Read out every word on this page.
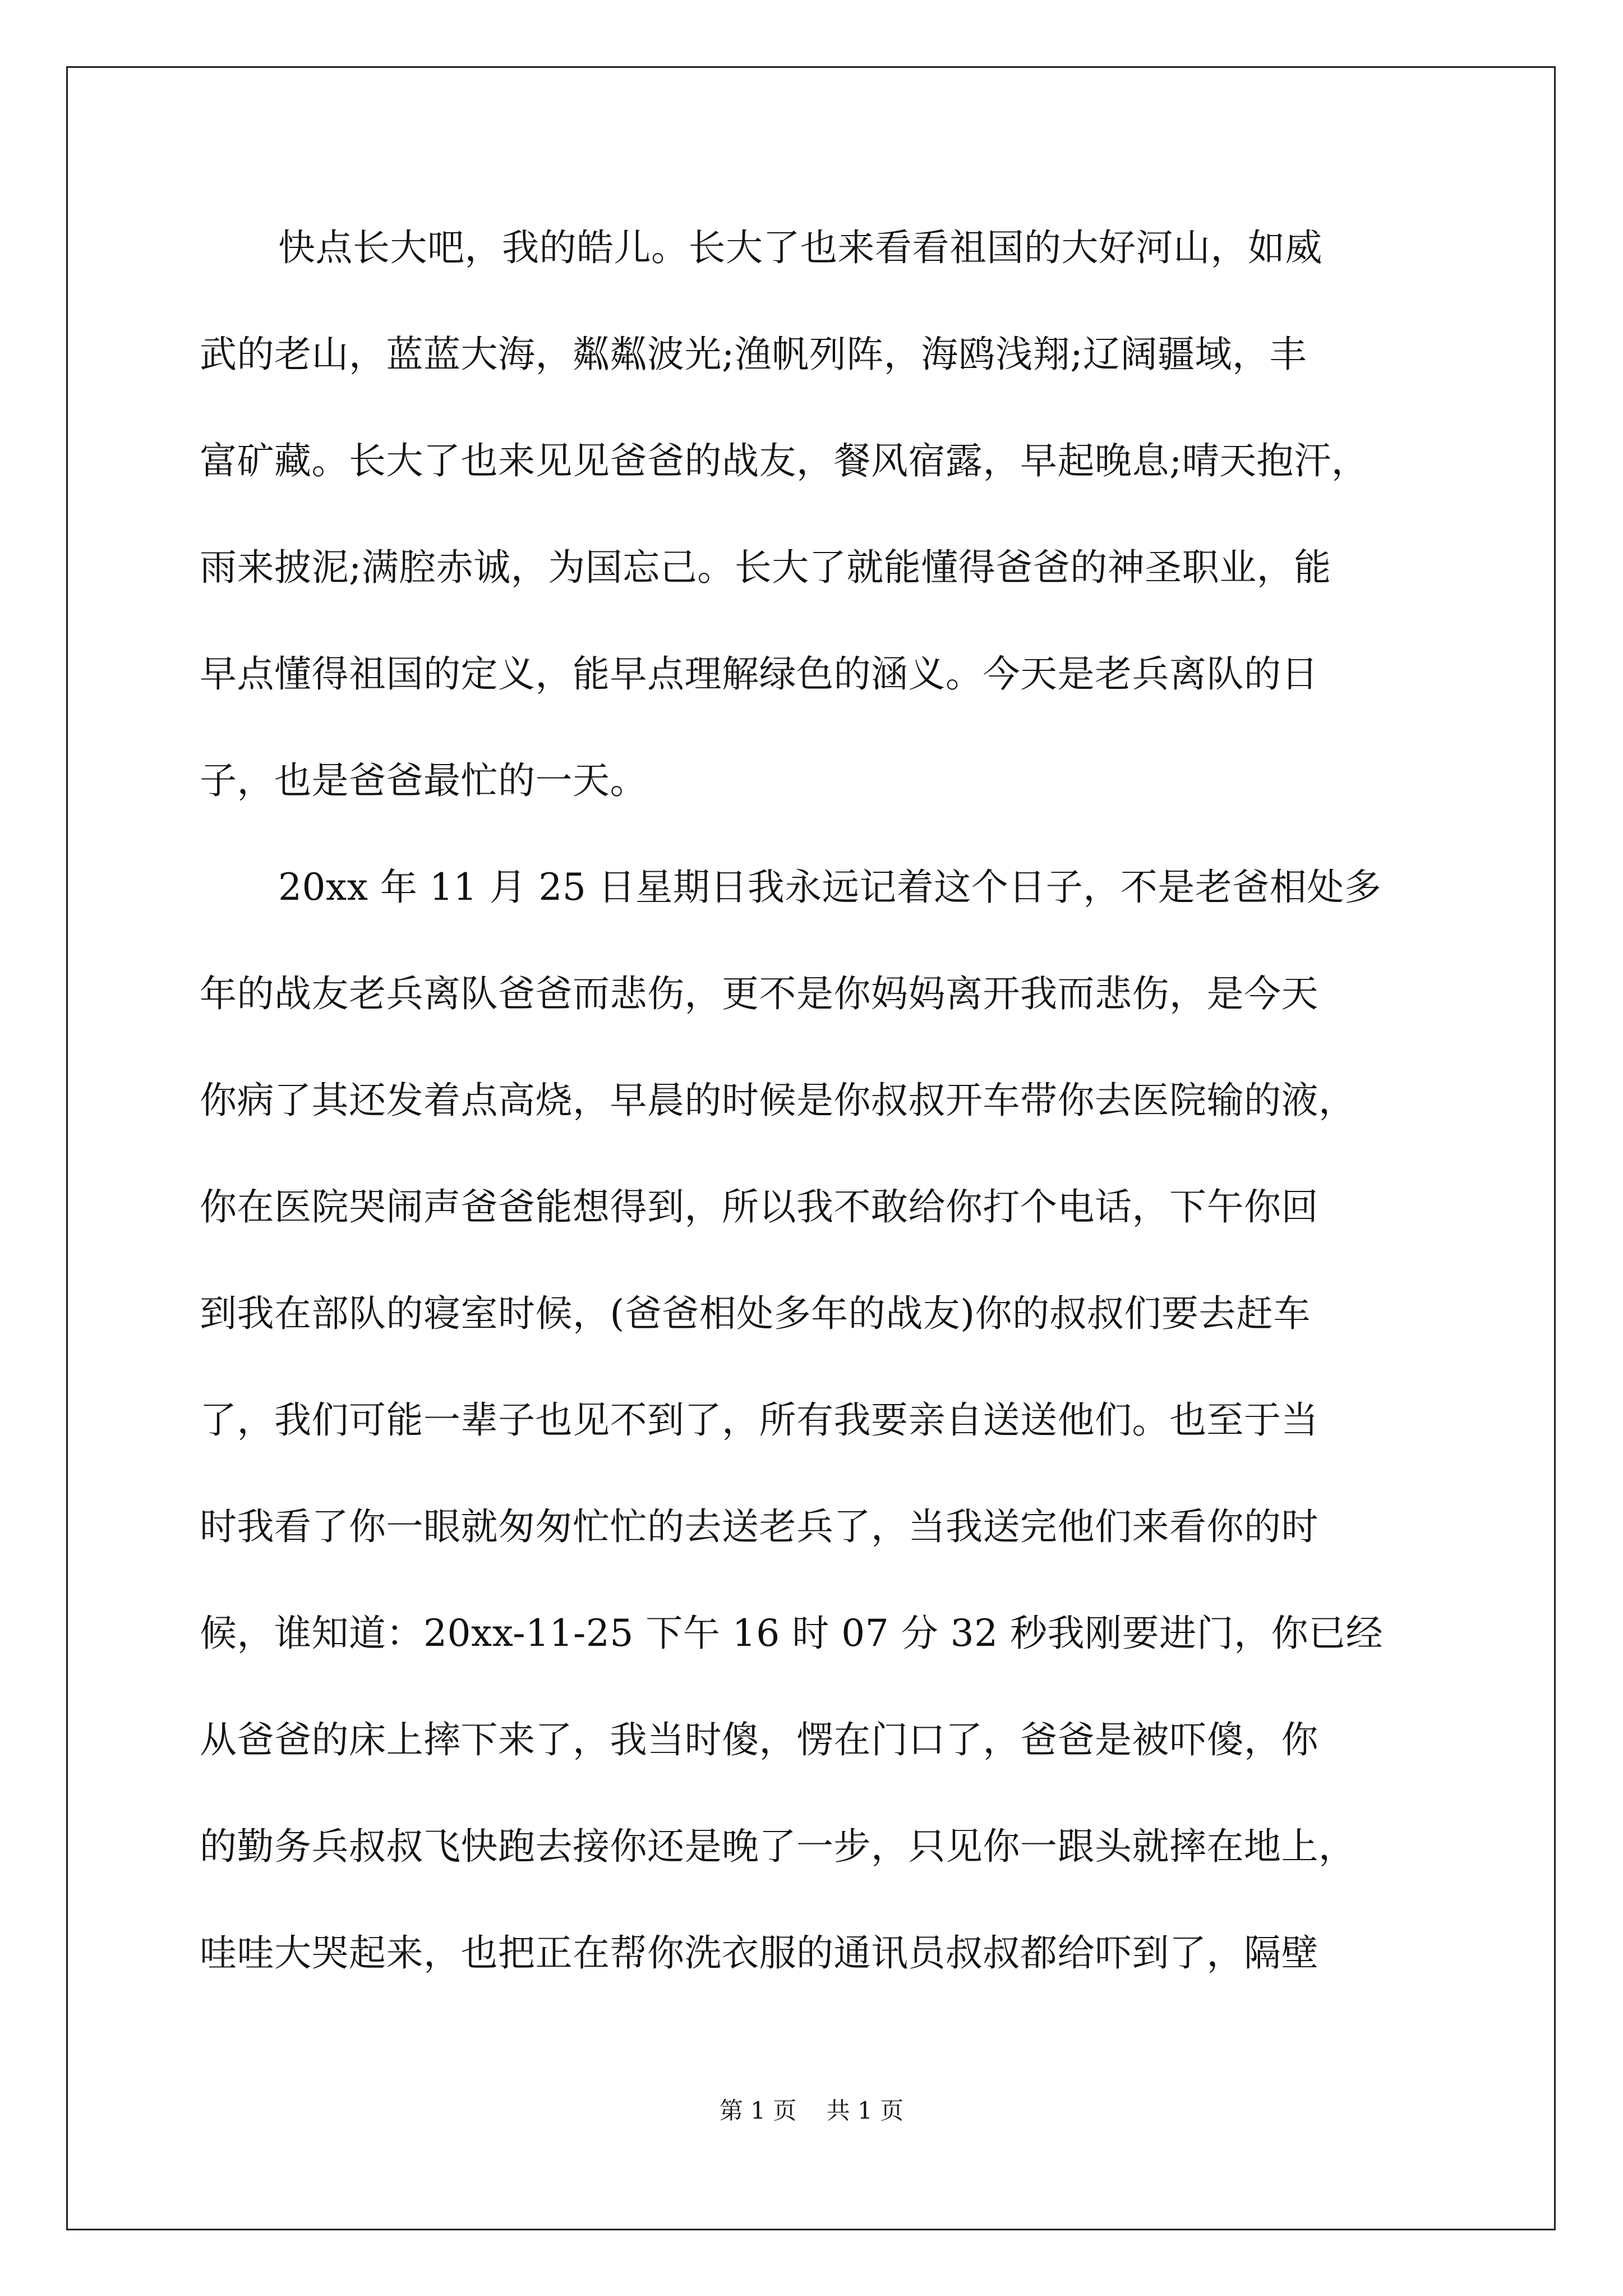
快点长大吧，我的皓儿。长大了也来看看祖国的大好河山，如威
武的老山，蓝蓝大海，粼粼波光;渔帆列阵，海鸥浅翔;辽阔疆域，丰
富矿藏。长大了也来见见爸爸的战友，餐风宿露，早起晚息;晴天抱汗，
雨来披泥;满腔赤诚，为国忘己。长大了就能懂得爸爸的神圣职业，能
早点懂得祖国的定义，能早点理解绿色的涵义。今天是老兵离队的日
子，也是爸爸最忙的一天。
20xx 年 11 月 25 日星期日我永远记着这个日子，不是老爸相处多
年的战友老兵离队爸爸而悲伤，更不是你妈妈离开我而悲伤，是今天
你病了其还发着点高烧，早晨的时候是你叔叔开车带你去医院输的液，
你在医院哭闹声爸爸能想得到，所以我不敢给你打个电话，下午你回
到我在部队的寝室时候，(爸爸相处多年的战友)你的叔叔们要去赶车
了，我们可能一辈子也见不到了，所有我要亲自送送他们。也至于当
时我看了你一眼就匆匆忙忙的去送老兵了，当我送完他们来看你的时
候，谁知道：20xx-11-25 下午 16 时 07 分 32 秒我刚要进门，你已经
从爸爸的床上摔下来了，我当时傻，愣在门口了，爸爸是被吓傻，你
的勤务兵叔叔飞快跑去接你还是晚了一步，只见你一跟头就摔在地上，
哇哇大哭起来，也把正在帮你洗衣服的通讯员叔叔都给吓到了，隔壁
第 1 页 共 1 页
